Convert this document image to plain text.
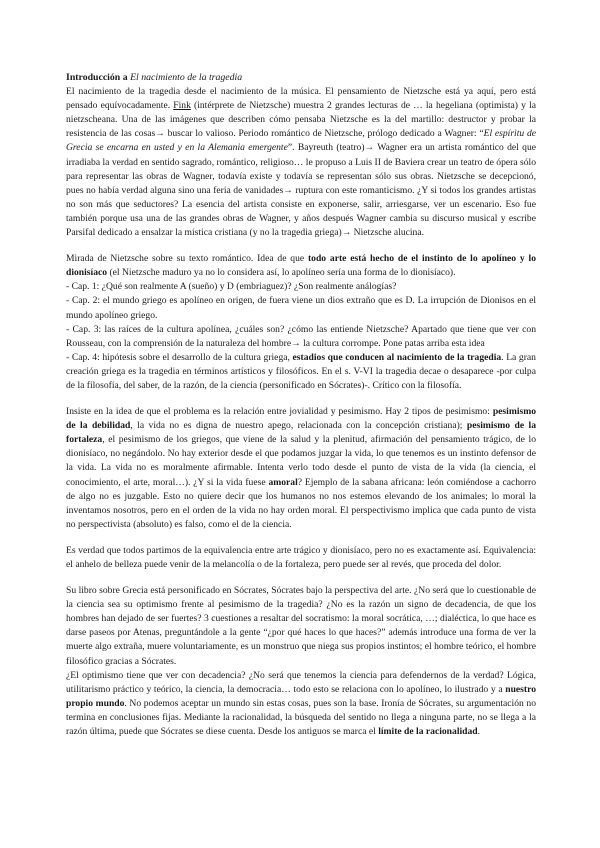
Introducción a El nacimiento de la tragedia

El nacimiento de la tragedia desde el nacimiento de la música. El pensamiento de Nietzsche está ya aquí, pero está pensado equívocadamente. Fink (intérprete de Nietzsche) muestra 2 grandes lecturas de … la hegeliana (optimista) y la nietzscheana. Una de las imágenes que describen cómo pensaba Nietzsche es la del martillo: destructor y probar la resistencia de las cosas→ buscar lo valioso. Periodo romántico de Nietzsche, prólogo dedicado a Wagner: “El espíritu de Grecia se encarna en usted y en la Alemania emergente”. Bayreuth (teatro)→ Wagner era un artista romántico del que irradiaba la verdad en sentido sagrado, romántico, religioso… le propuso a Luis II de Baviera crear un teatro de ópera sólo para representar las obras de Wagner, todavía existe y todavía se representan sólo sus obras. Nietzsche se decepcionó, pues no había verdad alguna sino una feria de vanidades→ ruptura con este romanticismo. ¿Y si todos los grandes artistas no son más que seductores? La esencia del artista consiste en exponerse, salir, arriesgarse, ver un escenario. Eso fue también porque usa una de las grandes obras de Wagner, y años después Wagner cambia su discurso musical y escribe Parsifal dedicado a ensalzar la mística cristiana (y no la tragedia griega)→ Nietzsche alucina.

Mirada de Nietzsche sobre su texto romántico. Idea de que todo arte está hecho de el instinto de lo apolíneo y lo dionisíaco (el Nietzsche maduro ya no lo considera así, lo apolíneo sería una forma de lo dionisíaco).

- Cap. 1: ¿Qué son realmente A (sueño) y D (embriaguez)? ¿Son realmente análogías?

- Cap. 2: el mundo griego es apolíneo en origen, de fuera viene un dios extraño que es D. La irrupción de Dionisos en el mundo apolíneo griego.

- Cap. 3: las raíces de la cultura apolínea, ¿cuáles son? ¿cómo las entiende Nietzsche? Apartado que tiene que ver con Rousseau, con la comprensión de la naturaleza del hombre→ la cultura corrompe. Pone patas arriba esta idea

- Cap. 4: hipótesis sobre el desarrollo de la cultura griega, estadios que conducen al nacimiento de la tragedia. La gran creación griega es la tragedia en términos artísticos y filosóficos. En el s. V-VI la tragedia decae o desaparece -por culpa de la filosofía, del saber, de la razón, de la ciencia (personificado en Sócrates)-. Crítico con la filosofía.

Insiste en la idea de que el problema es la relación entre jovialidad y pesimismo. Hay 2 tipos de pesimismo: pesimismo de la debilidad, la vida no es digna de nuestro apego, relacionada con la concepción cristiana); pesimismo de la fortaleza, el pesimismo de los griegos, que viene de la salud y la plenitud, afirmación del pensamiento trágico, de lo dionisíaco, no negándolo. No hay exterior desde el que podamos juzgar la vida, lo que tenemos es un instinto defensor de la vida. La vida no es moralmente afirmable. Intenta verlo todo desde el punto de vista de la vida (la ciencia, el conocimiento, el arte, moral…). ¿Y si la vida fuese amoral? Ejemplo de la sabana africana: león comiéndose a cachorro de algo no es juzgable. Esto no quiere decir que los humanos no nos estemos elevando de los animales; lo moral la inventamos nosotros, pero en el orden de la vida no hay orden moral. El perspectivismo implica que cada punto de vista no perspectivista (absoluto) es falso, como el de la ciencia.

Es verdad que todos partimos de la equivalencia entre arte trágico y dionisíaco, pero no es exactamente así. Equivalencia: el anhelo de belleza puede venir de la melancolía o de la fortaleza, pero puede ser al revés, que proceda del dolor.

Su libro sobre Grecia está personificado en Sócrates, Sócrates bajo la perspectiva del arte. ¿No será que lo cuestionable de la ciencia sea su optimismo frente al pesimismo de la tragedia? ¿No es la razón un signo de decadencia, de que los hombres han dejado de ser fuertes? 3 cuestiones a resaltar del socratismo: la moral socrática, …; dialéctica, lo que hace es darse paseos por Atenas, preguntándole a la gente “¿por qué haces lo que haces?” además introduce una forma de ver la muerte algo extraña, muere voluntariamente, es un monstruo que niega sus propios instintos; el hombre teórico, el hombre filosófico gracias a Sócrates.

¿El optimismo tiene que ver con decadencia? ¿No será que tenemos la ciencia para defendernos de la verdad? Lógica, utilitarismo práctico y teórico, la ciencia, la democracia… todo esto se relaciona con lo apolíneo, lo ilustrado y a nuestro propio mundo. No podemos aceptar un mundo sin estas cosas, pues son la base. Ironía de Sócrates, su argumentación no termina en conclusiones fijas. Mediante la racionalidad, la búsqueda del sentido no llega a ninguna parte, no se llega a la razón última, puede que Sócrates se diese cuenta. Desde los antiguos se marca el límite de la racionalidad.
